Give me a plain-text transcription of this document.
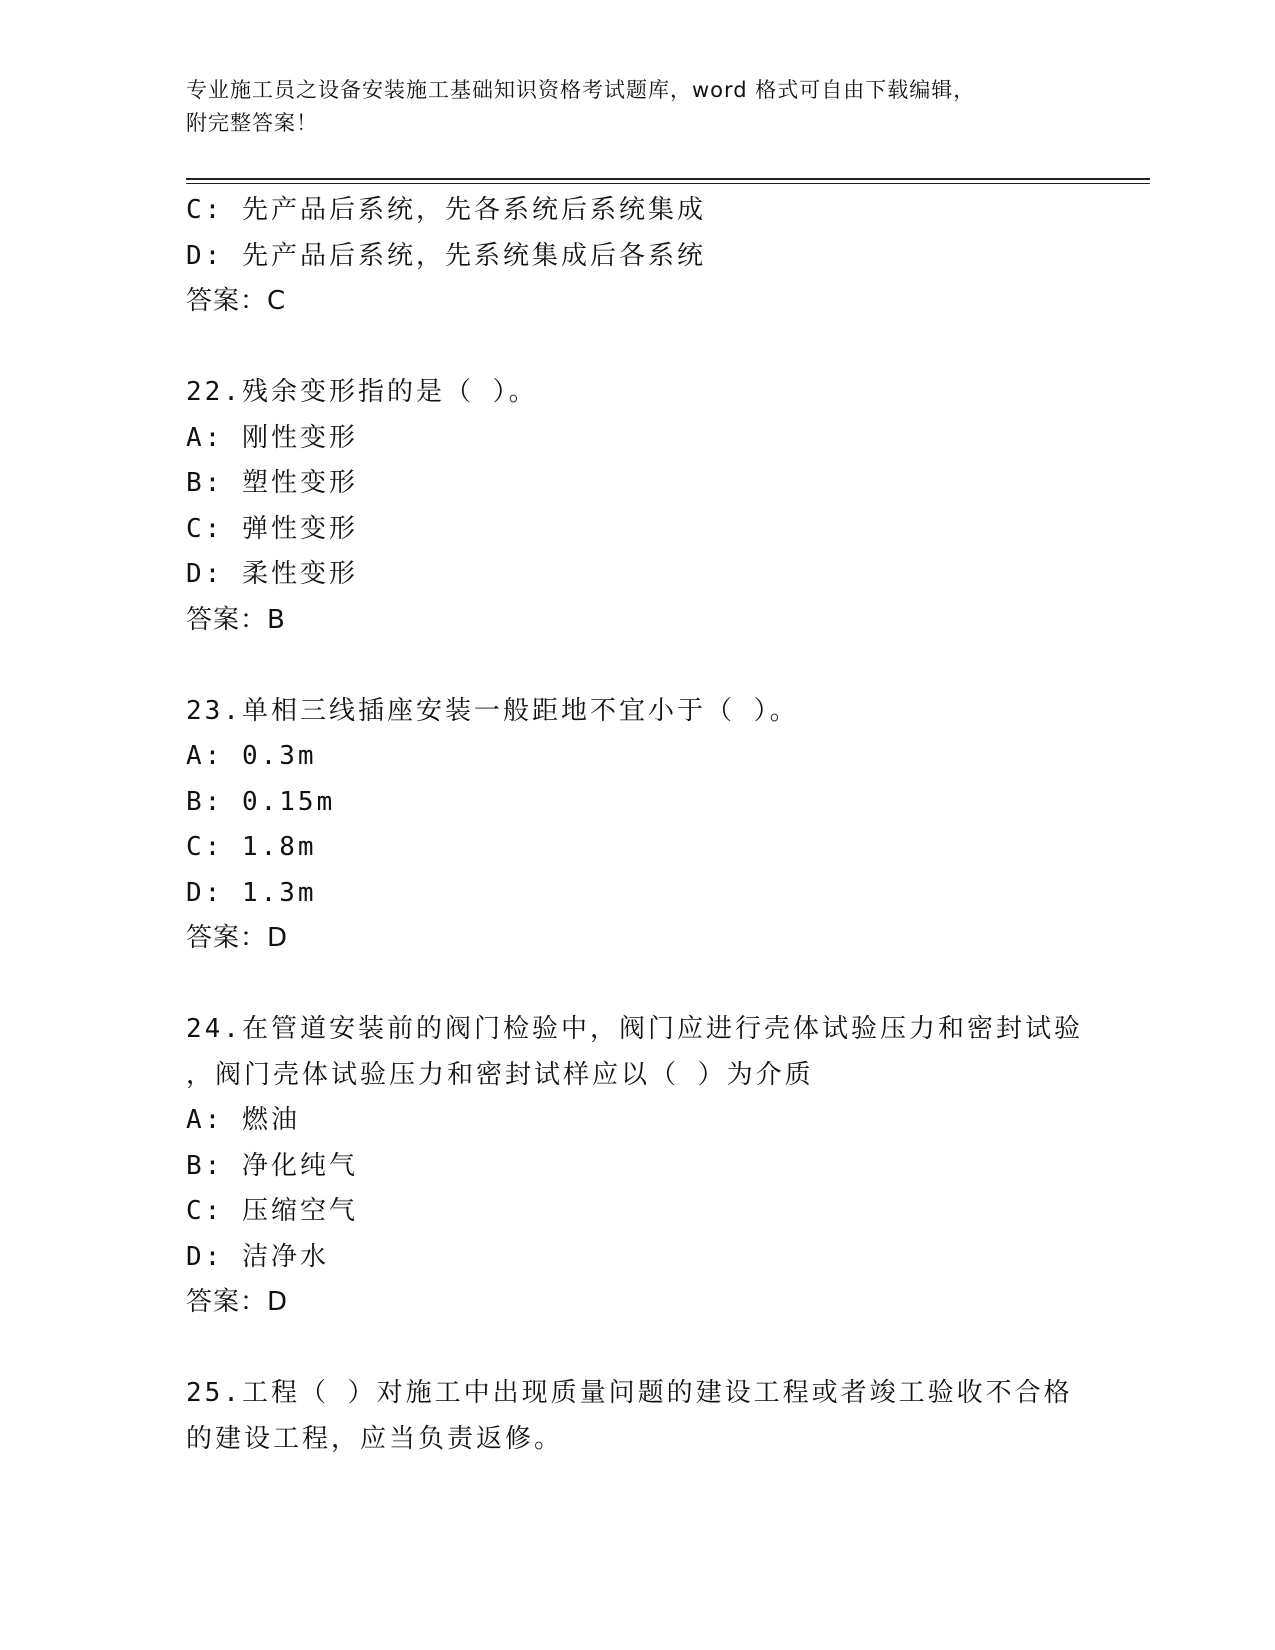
专业施工员之设备安装施工基础知识资格考试题库，word 格式可自由下载编辑，
附完整答案！

C: 先产品后系统，先各系统后系统集成

D: 先产品后系统，先系统集成后各系统

答案：C

22.残余变形指的是（ ）。

A: 刚性变形

B: 塑性变形

C: 弹性变形

D: 柔性变形

答案：B

23.单相三线插座安装一般距地不宜小于（ ）。

A: 0.3m

B: 0.15m

C: 1.8m

D: 1.3m

答案：D

24.在管道安装前的阀门检验中，阀门应进行壳体试验压力和密封试验

，阀门壳体试验压力和密封试样应以（ ）为介质

A: 燃油

B: 净化纯气

C: 压缩空气

D: 洁净水

答案：D

25.工程（ ）对施工中出现质量问题的建设工程或者竣工验收不合格

的建设工程，应当负责返修。
